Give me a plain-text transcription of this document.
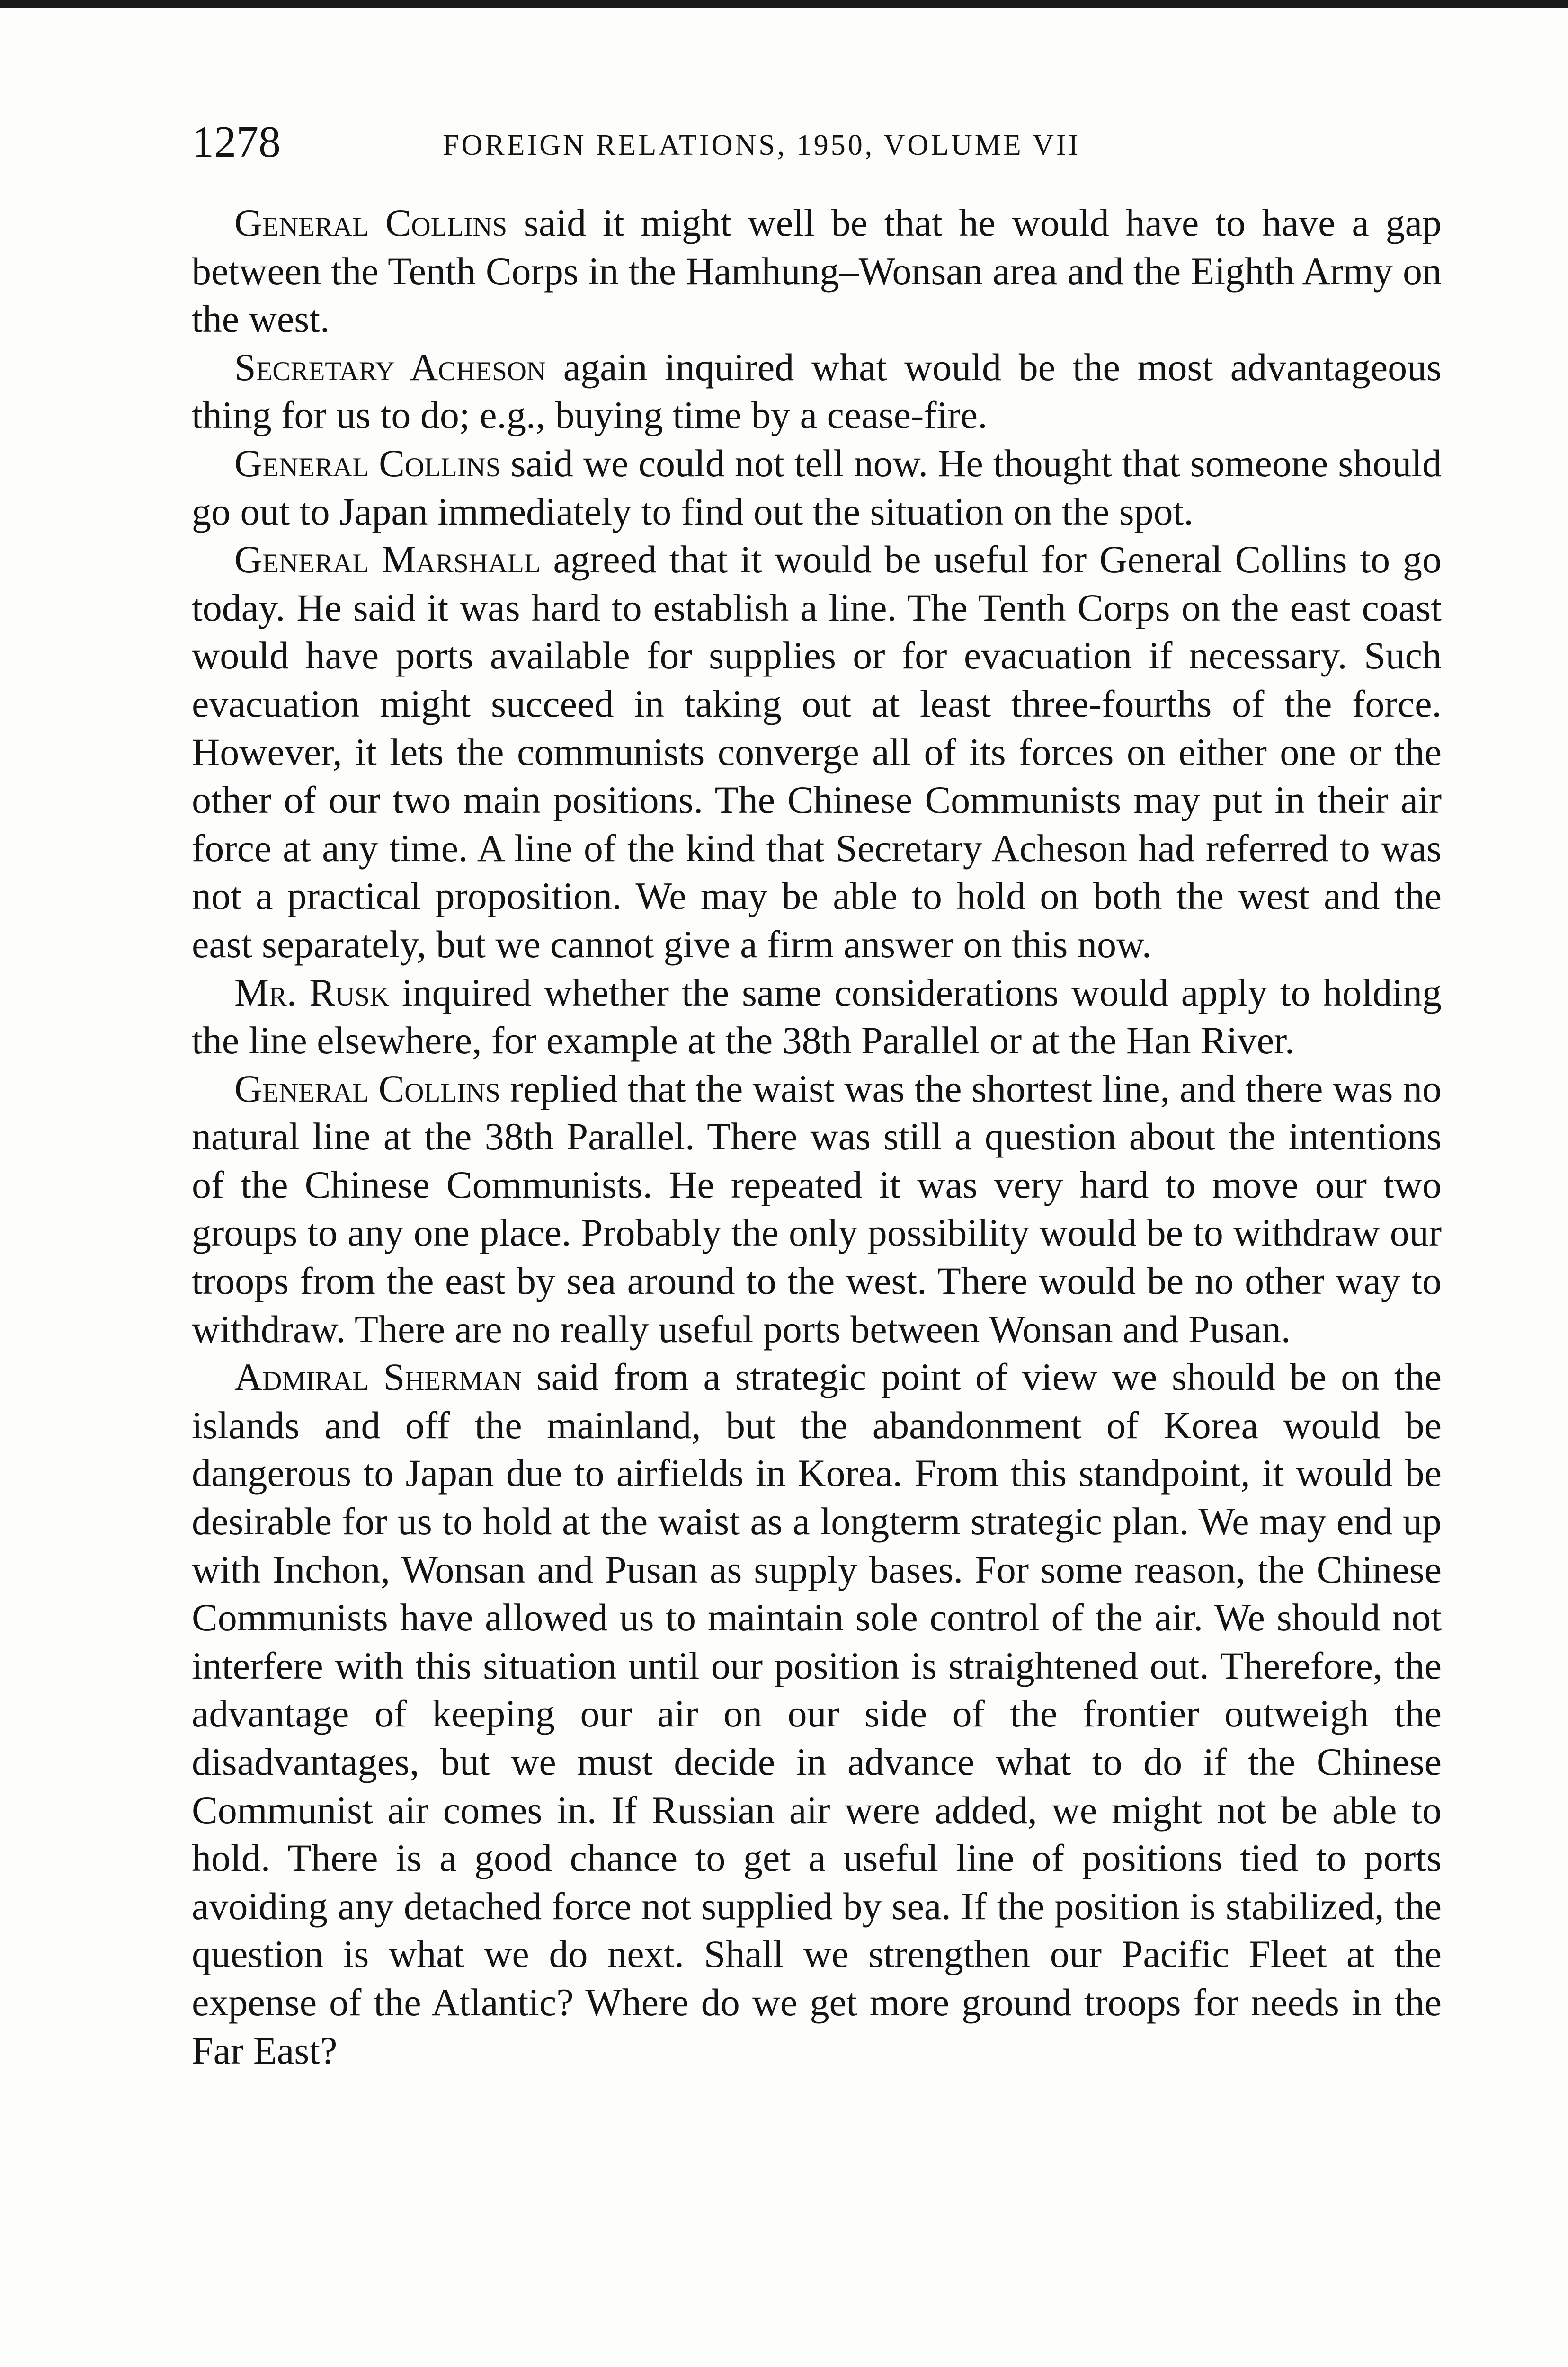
1278	FOREIGN RELATIONS, 1950, VOLUME VII

General Collins said it might well be that he would have to have a gap between the Tenth Corps in the Hamhung–Wonsan area and the Eighth Army on the west.

Secretary Acheson again inquired what would be the most advantageous thing for us to do; e.g., buying time by a cease-fire.

General Collins said we could not tell now. He thought that someone should go out to Japan immediately to find out the situation on the spot.

General Marshall agreed that it would be useful for General Collins to go today. He said it was hard to establish a line. The Tenth Corps on the east coast would have ports available for supplies or for evacuation if necessary. Such evacuation might succeed in taking out at least three-fourths of the force. However, it lets the communists converge all of its forces on either one or the other of our two main positions. The Chinese Communists may put in their air force at any time. A line of the kind that Secretary Acheson had referred to was not a practical proposition. We may be able to hold on both the west and the east separately, but we cannot give a firm answer on this now.

Mr. Rusk inquired whether the same considerations would apply to holding the line elsewhere, for example at the 38th Parallel or at the Han River.

General Collins replied that the waist was the shortest line, and there was no natural line at the 38th Parallel. There was still a question about the intentions of the Chinese Communists. He repeated it was very hard to move our two groups to any one place. Probably the only possibility would be to withdraw our troops from the east by sea around to the west. There would be no other way to withdraw. There are no really useful ports between Wonsan and Pusan.

Admiral Sherman said from a strategic point of view we should be on the islands and off the mainland, but the abandonment of Korea would be dangerous to Japan due to airfields in Korea. From this standpoint, it would be desirable for us to hold at the waist as a longterm strategic plan. We may end up with Inchon, Wonsan and Pusan as supply bases. For some reason, the Chinese Communists have allowed us to maintain sole control of the air. We should not interfere with this situation until our position is straightened out. Therefore, the advantage of keeping our air on our side of the frontier outweigh the disadvantages, but we must decide in advance what to do if the Chinese Communist air comes in. If Russian air were added, we might not be able to hold. There is a good chance to get a useful line of positions tied to ports avoiding any detached force not supplied by sea. If the position is stabilized, the question is what we do next. Shall we strengthen our Pacific Fleet at the expense of the Atlantic? Where do we get more ground troops for needs in the Far East?
